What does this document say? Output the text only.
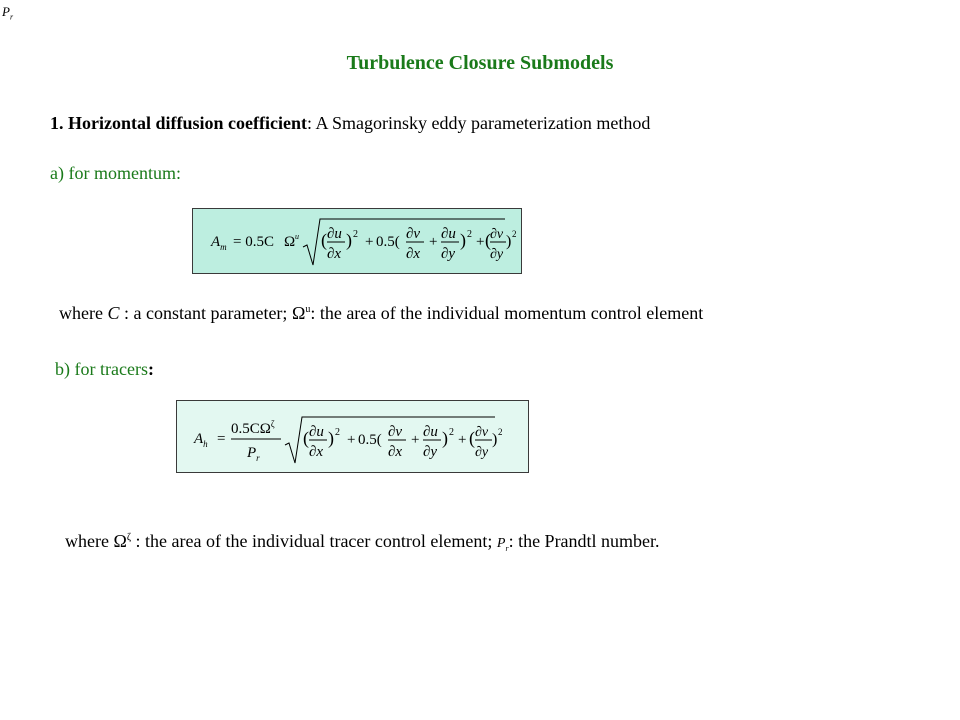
$P_r$
Turbulence Closure Submodels
1. Horizontal diffusion coefficient: A Smagorinsky eddy parameterization method
a) for momentum:
$A_m = 0.5C$ Ω u ( ∂u
∂x
) 2 + 0.5( ∂v
∂x
+ ∂u
∂y
) 2 + ( ∂v
∂y
) 2
where C : a constant parameter; $\Omega^u$: the area of the individual momentum control element
b) for tracers:
$A_h$ =
$0.5C\Omega^\zeta$
$P_r$
( ∂u
∂x
) 2 + 0.5( ∂v
∂x
+ ∂u
∂y
) 2 + ( ∂v
∂y
) 2
where $\Omega^\zeta$ : the area of the individual tracer control element; $P_r$: the Prandtl number.
